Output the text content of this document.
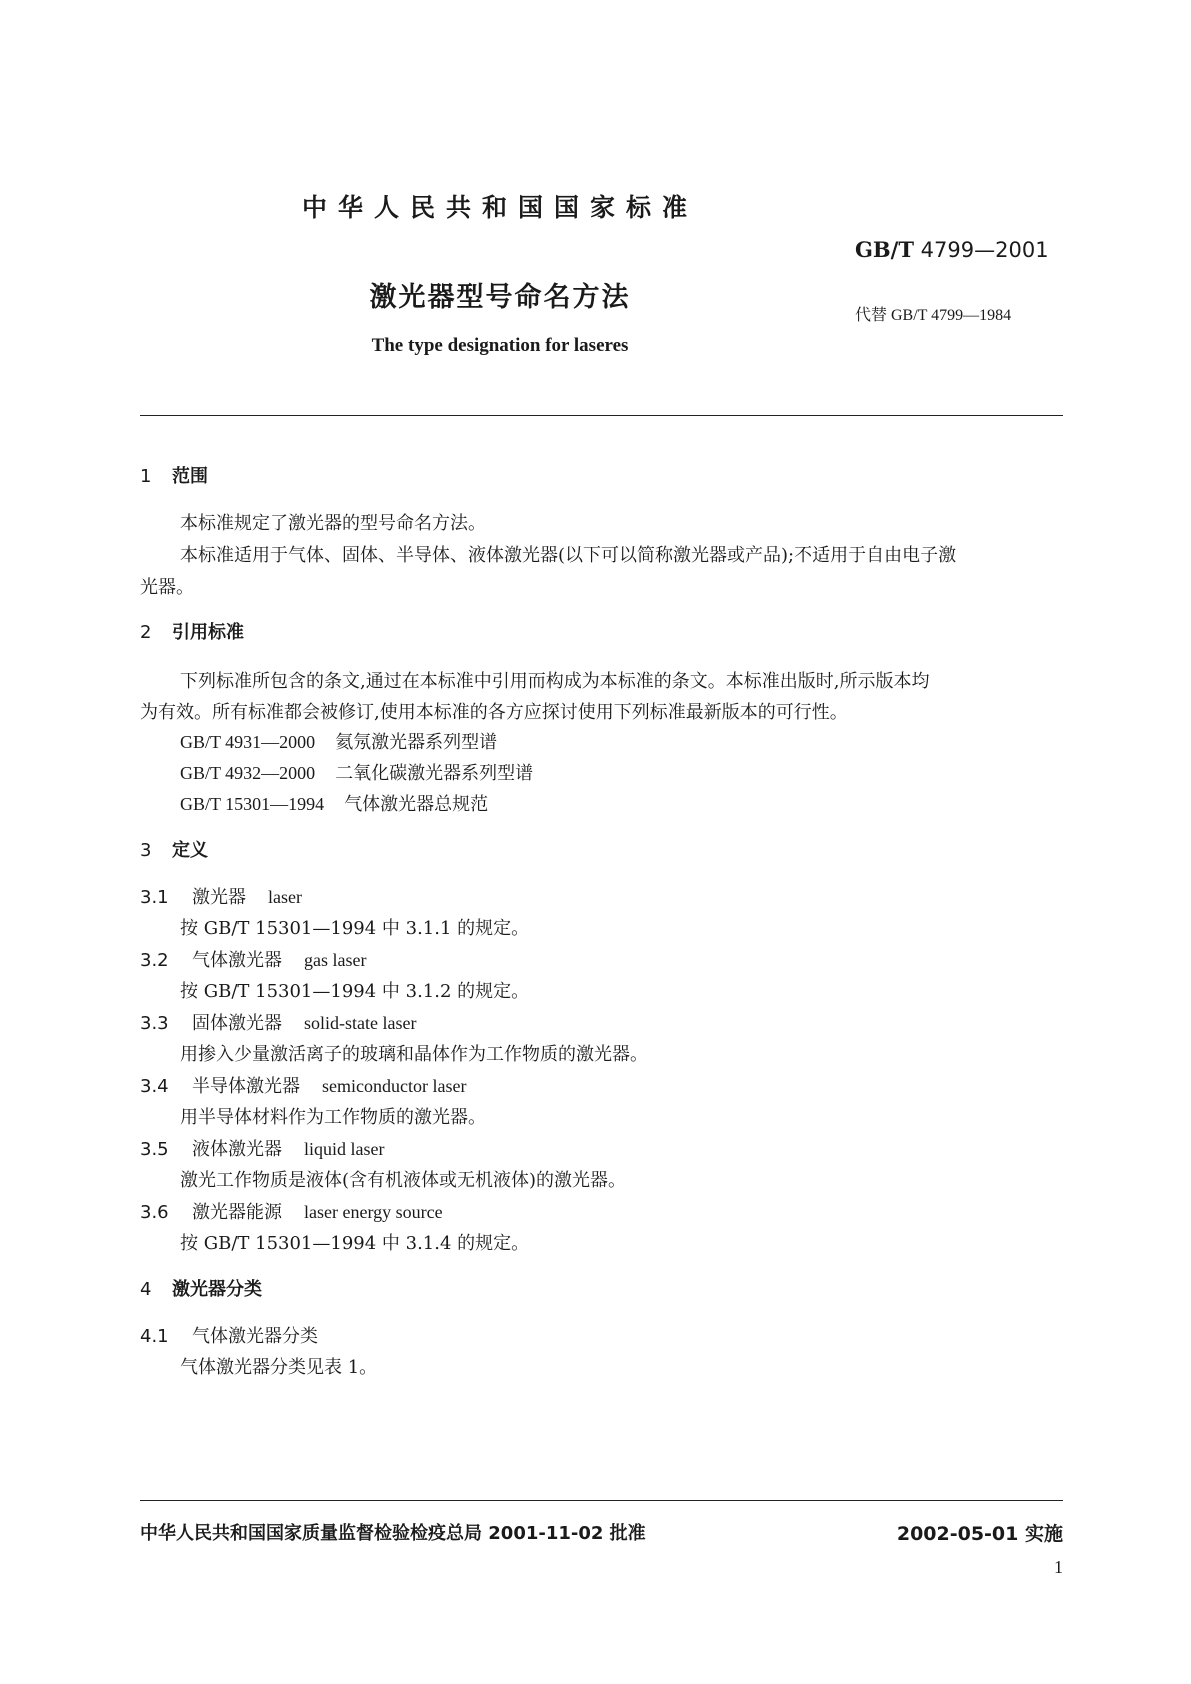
中华人民共和国国家标准
GB/T 4799—2001
激光器型号命名方法
代替 GB/T 4799—1984
The type designation for laseres
1 范围
本标准规定了激光器的型号命名方法。
本标准适用于气体、固体、半导体、液体激光器(以下可以简称激光器或产品);不适用于自由电子激
光器。
2 引用标准
下列标准所包含的条文,通过在本标准中引用而构成为本标准的条文。本标准出版时,所示版本均
为有效。所有标准都会被修订,使用本标准的各方应探讨使用下列标准最新版本的可行性。
GB/T 4931—2000 氦氖激光器系列型谱
GB/T 4932—2000 二氧化碳激光器系列型谱
GB/T 15301—1994 气体激光器总规范
3 定义
3.1 激光器 laser
按 GB/T 15301—1994 中 3.1.1 的规定。
3.2 气体激光器 gas laser
按 GB/T 15301—1994 中 3.1.2 的规定。
3.3 固体激光器 solid-state laser
用掺入少量激活离子的玻璃和晶体作为工作物质的激光器。
3.4 半导体激光器 semiconductor laser
用半导体材料作为工作物质的激光器。
3.5 液体激光器 liquid laser
激光工作物质是液体(含有机液体或无机液体)的激光器。
3.6 激光器能源 laser energy source
按 GB/T 15301—1994 中 3.1.4 的规定。
4 激光器分类
4.1 气体激光器分类
气体激光器分类见表 1。
中华人民共和国国家质量监督检验检疫总局 2001-11-02 批准	2002-05-01 实施
1
